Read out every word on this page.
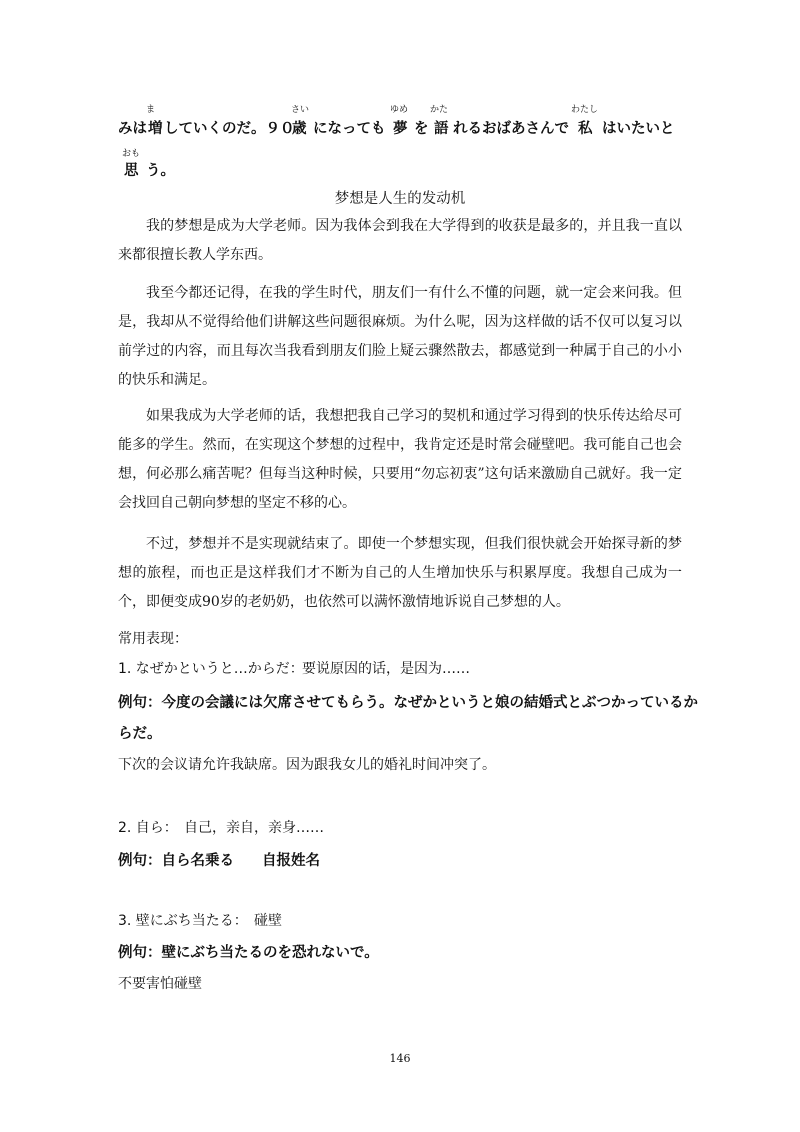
ま	さい	ゆめ かた	わたし
みは 増 していくのだ。９０
歳 になっても 夢 を 語 れるおばあさんで 私 はいたいと
おも
思 う。
梦想是人生的发动机
我的梦想是成为大学老师。因为我体会到我在大学得到的收获是最多的，并且我一直以来都很擅长教人学东西。
我至今都还记得，在我的学生时代，朋友们一有什么不懂的问题，就一定会来问我。但是，我却从不觉得给他们讲解这些问题很麻烦。为什么呢，因为这样做的话不仅可以复习以前学过的内容，而且每次当我看到朋友们脸上疑云骤然散去，都感觉到一种属于自己的小小的快乐和满足。
如果我成为大学老师的话，我想把我自己学习的契机和通过学习得到的快乐传达给尽可能多的学生。然而，在实现这个梦想的过程中，我肯定还是时常会碰壁吧。我可能自己也会想，何必那么痛苦呢？但每当这种时候，只要用“勿忘初衷”这句话来激励自己就好。我一定会找回自己朝向梦想的坚定不移的心。
不过，梦想并不是实现就结束了。即使一个梦想实现，但我们很快就会开始探寻新的梦想的旅程，而也正是这样我们才不断为自己的人生增加快乐与积累厚度。我想自己成为一个，即便变成90岁的老奶奶，也依然可以满怀激情地诉说自己梦想的人。
常用表现：
1. なぜかというと…からだ：
要说原因的话，是因为……
例句：今度の会議には欠席させてもらう。なぜかというと娘の結婚式とぶつかっているか
らだ。
下次的会议请允许我缺席。因为跟我女儿的婚礼时间冲突了。
2. 自ら： 自己，亲自，亲身……
例句：自ら名乗る 自报姓名
3. 壁にぶち当たる： 碰壁
例句：壁にぶち当たるのを恐れないで。
不要害怕碰壁
146
